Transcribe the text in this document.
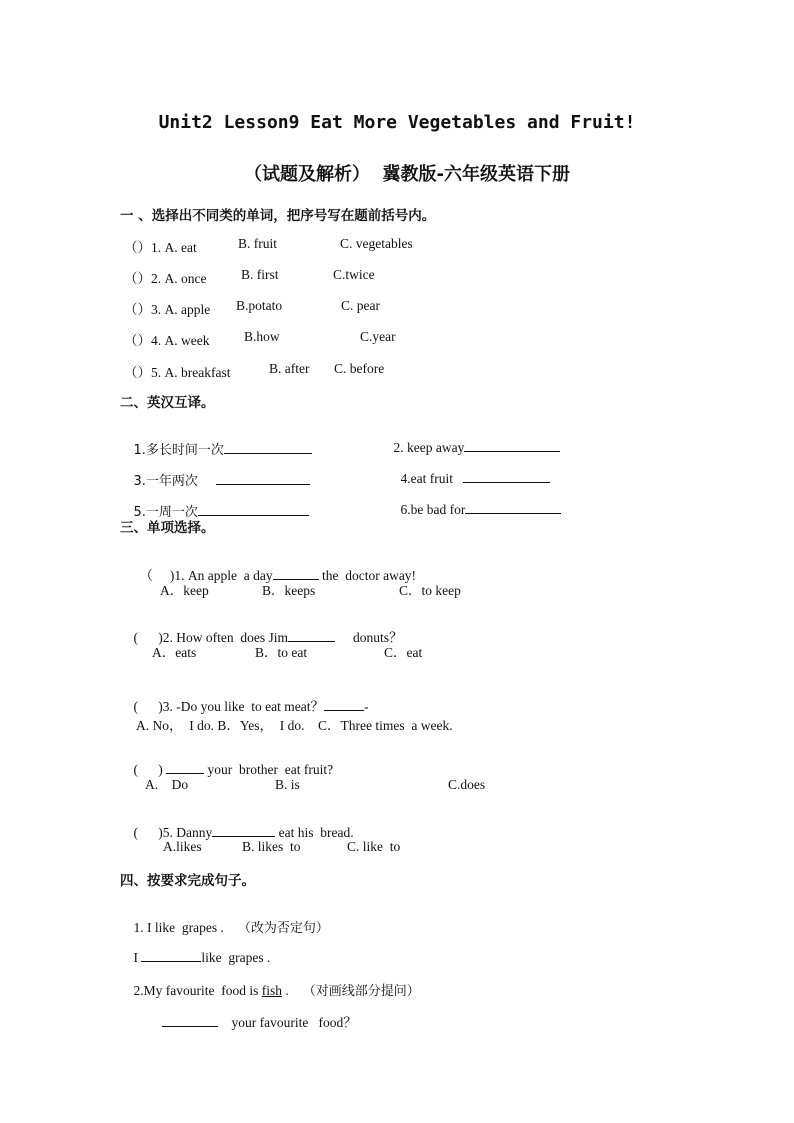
Unit2 Lesson9 Eat More Vegetables and Fruit!
（试题及解析）  冀教版-六年级英语下册
一 、选择出不同类的单词，把序号写在题前括号内。
（）1. A. eat	B. fruit	C. vegetables
（）2. A. once	B. first	C.twice
（）3. A. apple B.potato	C. pear
（）4. A. week	B.how	C.year
（）5. A. breakfast	B. after C. before
二、英汉互译。

1.多长时间一次
	2. keep away

3.一年两次
	4.eat fruit

5.一周一次
	6.be bad for

三、单项选择。

（     )1. An apple  a day	the  doctor away!

A．keep	B．keeps	C．to keep

(      )2. How often  does Jim	donuts？

A．eats	B．to eat	C．eat

(      )3. -Do you like  to eat meat？	-

A. No，  I do. B．Yes，  I do.    C．Three times  a week.

(      )	your  brother  eat fruit?

A.    Do	B. is	C.does

(      )5. Danny	eat his  bread.

A.likes	B. likes  to	C. like  to
四、按要求完成句子。

1. I like  grapes . （改为否定句）

I	like  grapes .

2.My favourite  food is fish . （对画线部分提问）

your favourite   food？
